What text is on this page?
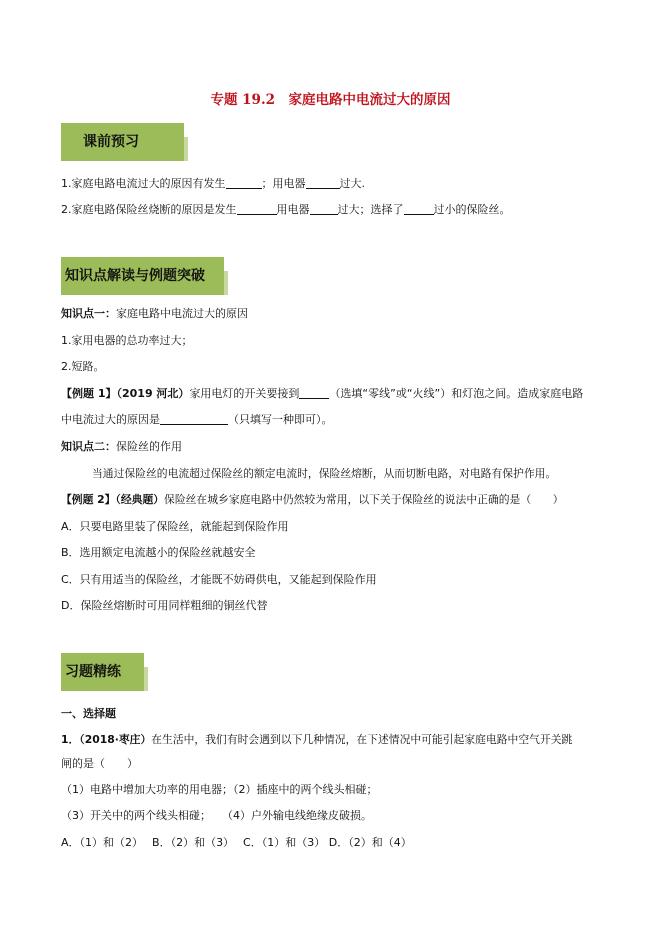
专题 19.2　家庭电路中电流过大的原因
课前预习
1.家庭电路电流过大的原因有发生	；用电器	过大.
2.家庭电路保险丝烧断的原因是发生	用电器	过大；选择了	过小的保险丝。
知识点解读与例题突破
知识点一：家庭电路中电流过大的原因
1.家用电器的总功率过大；
2.短路。
【例题 1】（2019 河北）家用电灯的开关要接到	（选填“零线”或“火线”）和灯泡之间。造成家庭电路
中电流过大的原因是	（只填写一种即可）。
知识点二：保险丝的作用
当通过保险丝的电流超过保险丝的额定电流时，保险丝熔断，从而切断电路，对电路有保护作用。
【例题 2】（经典题）保险丝在城乡家庭电路中仍然较为常用，以下关于保险丝的说法中正确的是（　　）
A．只要电路里装了保险丝，就能起到保险作用
B．选用额定电流越小的保险丝就越安全
C．只有用适当的保险丝，才能既不妨碍供电，又能起到保险作用
D．保险丝熔断时可用同样粗细的铜丝代替
习题精练
一、选择题
1．（2018·枣庄）在生活中，我们有时会遇到以下几种情况，在下述情况中可能引起家庭电路中空气开关跳
闸的是（　　）
（1）电路中增加大功率的用电器；（2）插座中的两个线头相碰；
（3）开关中的两个线头相碰；　　（4）户外输电线绝缘皮破损。
A．（1）和（2）　 B．（2）和（3）　 C．（1）和（3） D．（2）和（4）
